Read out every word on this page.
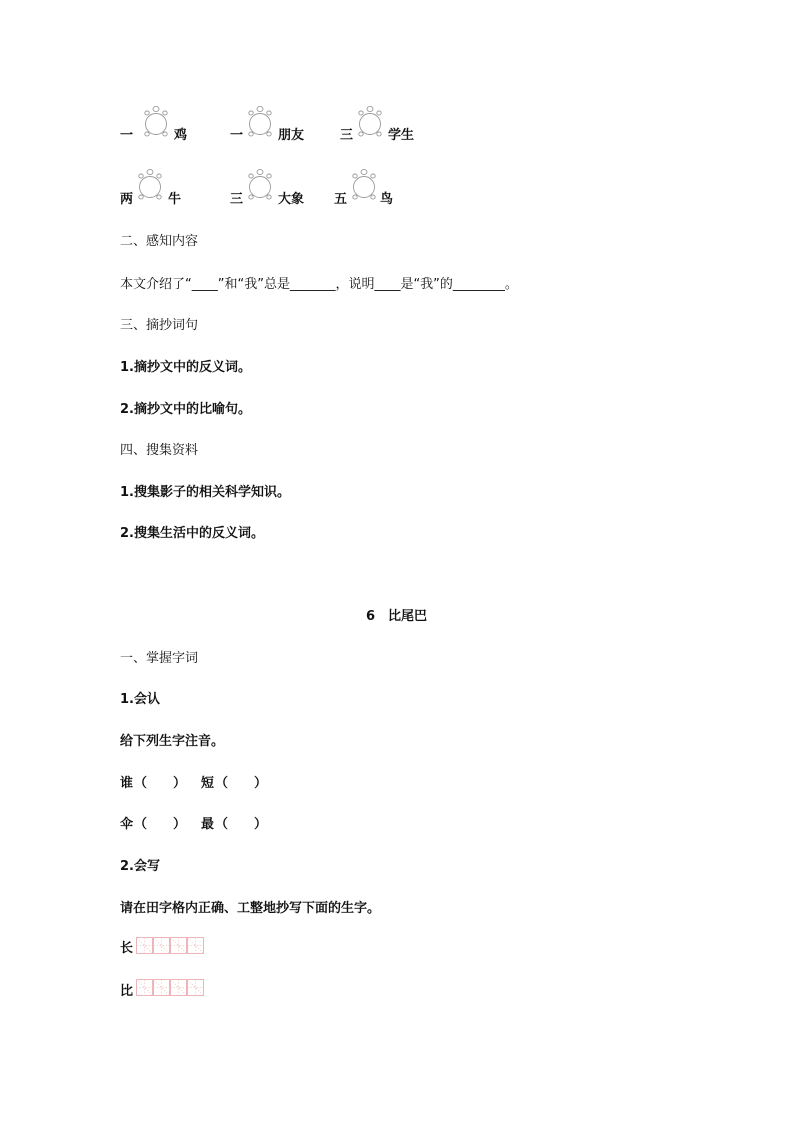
一	鸡	一	朋友	三	学生
两	牛	三	大象 五	鸟
二、感知内容
本文介绍了“____”和“我”总是_______，说明____是“我”的________。
三、摘抄词句
1.摘抄文中的反义词。
2.摘抄文中的比喻句。
四、搜集资料
1.搜集影子的相关科学知识。
2.搜集生活中的反义词。
6　比尾巴
一、掌握字词
1.会认
给下列生字注音。
谁 （　　） 短 （　　）
伞 （　　） 最 （　　）
2.会写
请在田字格内正确、工整地抄写下面的生字。
长
比
